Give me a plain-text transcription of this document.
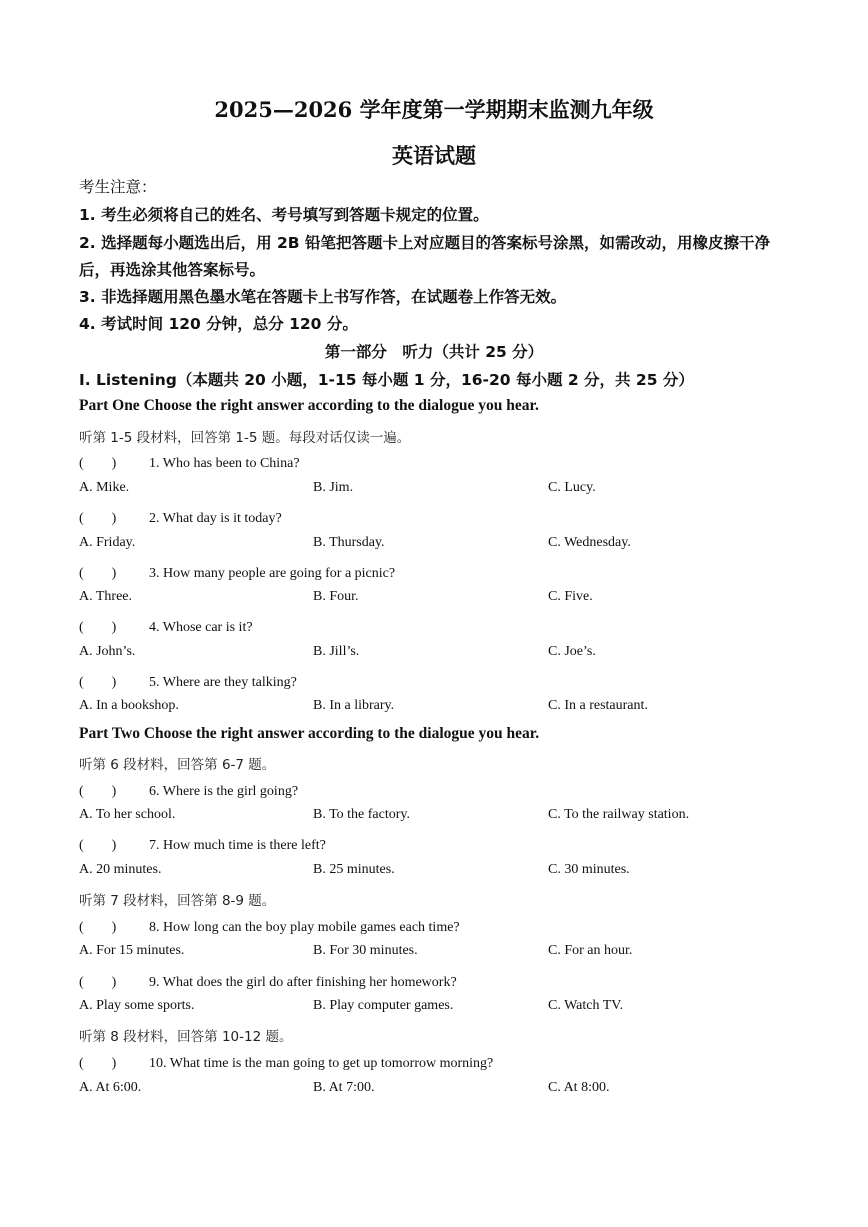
2025—2026 学年度第一学期期末监测九年级
英语试题
考生注意：
1. 考生必须将自己的姓名、考号填写到答题卡规定的位置。
2. 选择题每小题选出后，用 2B 铅笔把答题卡上对应题目的答案标号涂黑，如需改动，用橡皮擦干净后，再选涂其他答案标号。
3. 非选择题用黑色墨水笔在答题卡上书写作答，在试题卷上作答无效。
4. 考试时间 120 分钟，总分 120 分。
第一部分　听力（共计 25 分）
Ⅰ. Listening（本题共 20 小题，1-15 每小题 1 分，16-20 每小题 2 分，共 25 分）
Part One Choose the right answer according to the dialogue you hear.
听第 1-5 段材料，回答第 1-5 题。每段对话仅读一遍。
(　　) 1. Who has been to China?
A. Mike.	B. Jim.	C. Lucy.
(　　) 2. What day is it today?
A. Friday.	B. Thursday.	C. Wednesday.
(　　) 3. How many people are going for a picnic?
A. Three.	B. Four.	C. Five.
(　　) 4. Whose car is it?
A. John’s.	B. Jill’s.	C. Joe’s.
(　　) 5. Where are they talking?
A. In a bookshop.	B. In a library.	C. In a restaurant.
Part Two Choose the right answer according to the dialogue you hear.
听第 6 段材料，回答第 6-7 题。
(　　) 6. Where is the girl going?
A. To her school.	B. To the factory.	C. To the railway station.
(　　) 7. How much time is there left?
A. 20 minutes.	B. 25 minutes.	C. 30 minutes.
听第 7 段材料，回答第 8-9 题。
(　　) 8. How long can the boy play mobile games each time?
A. For 15 minutes.	B. For 30 minutes.	C. For an hour.
(　　) 9. What does the girl do after finishing her homework?
A. Play some sports.	B. Play computer games.	C. Watch TV.
听第 8 段材料，回答第 10-12 题。
(　　) 10. What time is the man going to get up tomorrow morning?
A. At 6:00.	B. At 7:00.	C. At 8:00.
